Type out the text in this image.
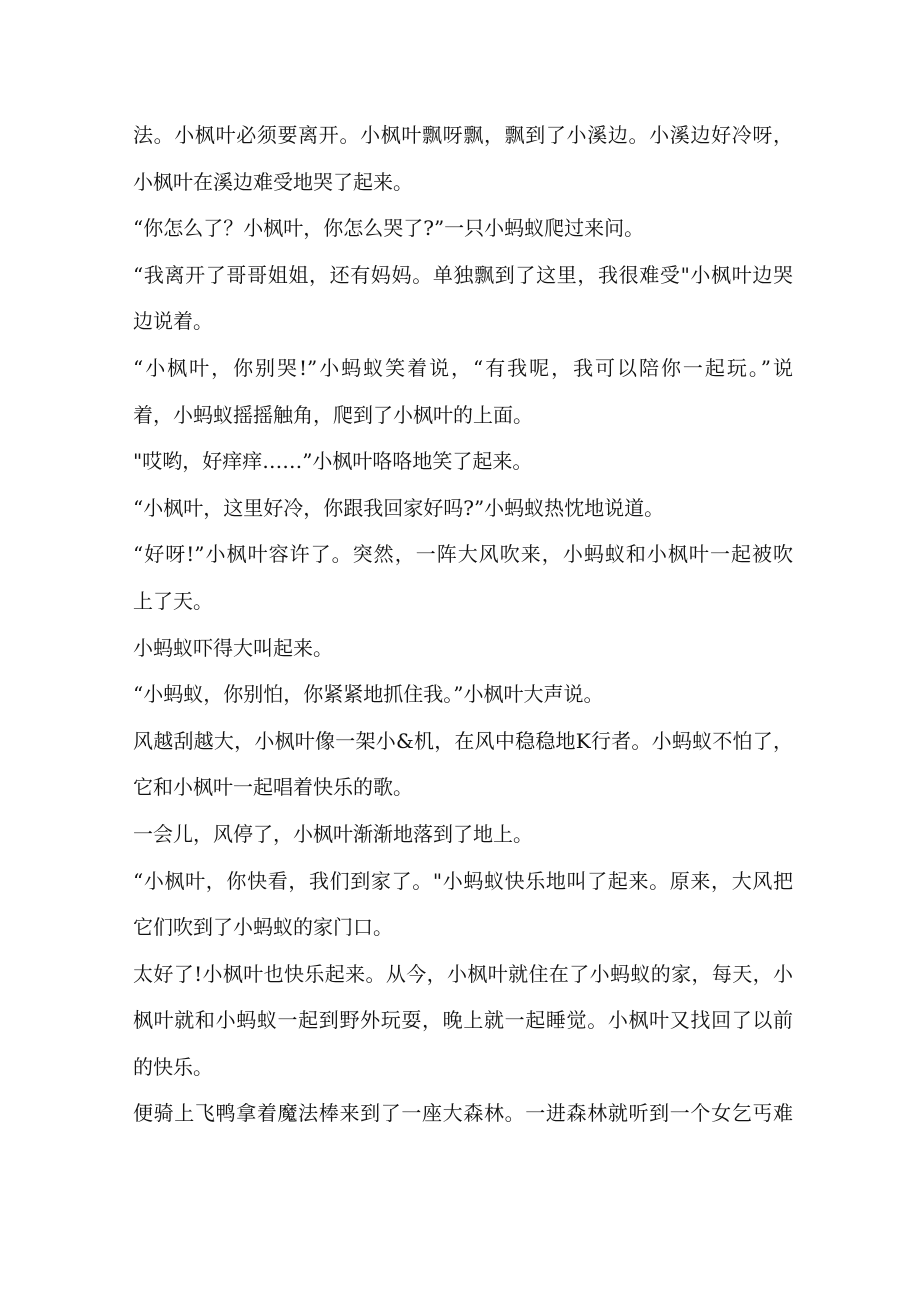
法。小枫叶必须要离开。小枫叶飘呀飘，飘到了小溪边。小溪边好冷呀，
小枫叶在溪边难受地哭了起来。
“你怎么了？小枫叶，你怎么哭了?”一只小蚂蚁爬过来问。
“我离开了哥哥姐姐，还有妈妈。单独飘到了这里，我很难受"小枫叶边哭
边说着。
“小枫叶，你别哭!”小蚂蚁笑着说，“有我呢，我可以陪你一起玩。”说
着，小蚂蚁摇摇触角，爬到了小枫叶的上面。
"哎哟，好痒痒……”小枫叶咯咯地笑了起来。
“小枫叶，这里好冷，你跟我回家好吗?”小蚂蚁热忱地说道。
“好呀!”小枫叶容许了。突然，一阵大风吹来，小蚂蚁和小枫叶一起被吹
上了天。
小蚂蚁吓得大叫起来。
“小蚂蚁，你别怕，你紧紧地抓住我。”小枫叶大声说。
风越刮越大，小枫叶像一架小&机，在风中稳稳地K行者。小蚂蚁不怕了，
它和小枫叶一起唱着快乐的歌。
一会儿，风停了，小枫叶渐渐地落到了地上。
“小枫叶，你快看，我们到家了。"小蚂蚁快乐地叫了起来。原来，大风把
它们吹到了小蚂蚁的家门口。
太好了!小枫叶也快乐起来。从今，小枫叶就住在了小蚂蚁的家，每天，小
枫叶就和小蚂蚁一起到野外玩耍，晚上就一起睡觉。小枫叶又找回了以前
的快乐。
便骑上飞鸭拿着魔法棒来到了一座大森林。一进森林就听到一个女乞丐难
